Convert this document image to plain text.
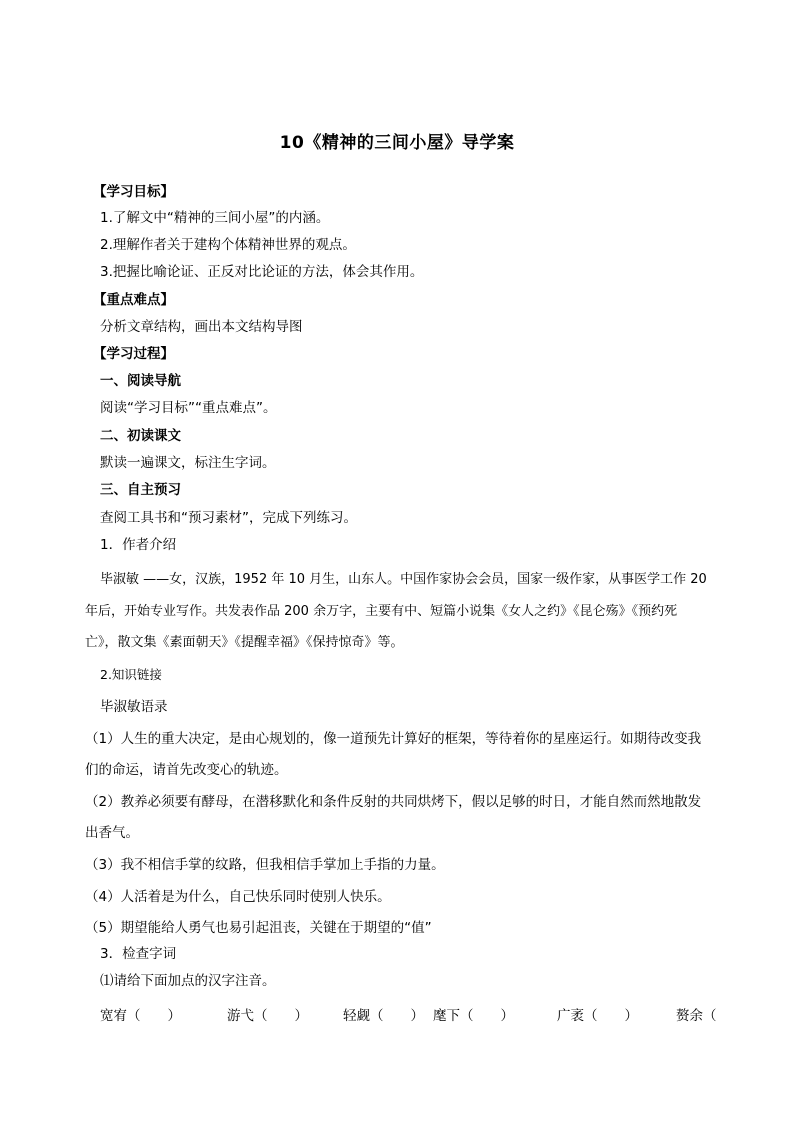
10《精神的三间小屋》导学案
【学习目标】
1.了解文中“精神的三间小屋”的内涵。
2.理解作者关于建构个体精神世界的观点。
3.把握比喻论证、正反对比论证的方法，体会其作用。
【重点难点】
分析文章结构，画出本文结构导图
【学习过程】
一、阅读导航
阅读“学习目标”“重点难点”。
二、初读课文
默读一遍课文，标注生字词。
三、自主预习
查阅工具书和“预习素材”，完成下列练习。
1．作者介绍
毕淑敏 ——女，汉族，1952 年 10 月生，山东人。中国作家协会会员，国家一级作家，从事医学工作 20
年后，开始专业写作。共发表作品 200 余万字，主要有中、短篇小说集《女人之约》《昆仑殇》《预约死
亡》，散文集《素面朝天》《提醒幸福》《保持惊奇》等。
2.知识链接
毕淑敏语录
（1）人生的重大决定，是由心规划的，像一道预先计算好的框架，等待着你的星座运行。如期待改变我
们的命运，请首先改变心的轨迹。
（2）教养必须要有酵母，在潜移默化和条件反射的共同烘烤下，假以足够的时日，才能自然而然地散发
出香气。
（3）我不相信手掌的纹路，但我相信手掌加上手指的力量。
（4）人活着是为什么，自己快乐同时使别人快乐。
（5）期望能给人勇气也易引起沮丧，关键在于期望的“值”
3．检查字词
⑴请给下面加点的汉字注音。
宽宥（　　）	游弋（　　）	轻觑（　　） 麾下（　　）	广袤（　　）	赘余（
